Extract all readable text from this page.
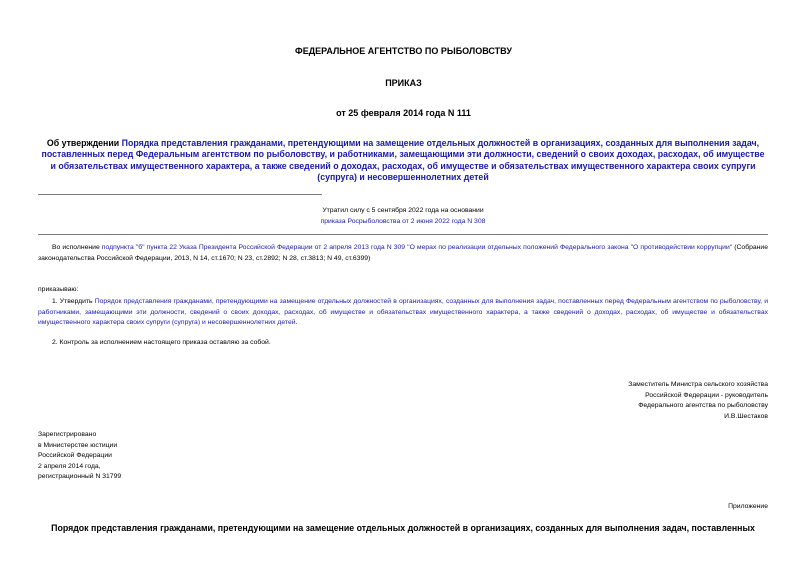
ФЕДЕРАЛЬНОЕ АГЕНТСТВО ПО РЫБОЛОВСТВУ
ПРИКАЗ
от 25 февраля 2014 года N 111
Об утверждении Порядка представления гражданами, претендующими на замещение отдельных должностей в организациях, созданных для выполнения задач, поставленных перед Федеральным агентством по рыболовству, и работниками, замещающими эти должности, сведений о своих доходах, расходах, об имуществе и обязательствах имущественного характера, а также сведений о доходах, расходах, об имуществе и обязательствах имущественного характера своих супруги (супруга) и несовершеннолетних детей
Утратил силу с 5 сентября 2022 года на основании
приказа Росрыболовства от 2 июня 2022 года N 308
Во исполнение подпункта "б" пункта 22 Указа Президента Российской Федерации от 2 апреля 2013 года N 309 "О мерах по реализации отдельных положений Федерального закона "О противодействии коррупции" (Собрание законодательства Российской Федерации, 2013, N 14, ст.1670; N 23, ст.2892; N 28, ст.3813; N 49, ст.6399)
приказываю:
1. Утвердить Порядок представления гражданами, претендующими на замещение отдельных должностей в организациях, созданных для выполнения задач, поставленных перед Федеральным агентством по рыболовству, и работниками, замещающими эти должности, сведений о своих доходах, расходах, об имуществе и обязательствах имущественного характера, а также сведений о доходах, расходах, об имуществе и обязательствах имущественного характера своих супруги (супруга) и несовершеннолетних детей.
2. Контроль за исполнением настоящего приказа оставляю за собой.
Заместитель Министра сельского хозяйства
Российской Федерации - руководитель
Федерального агентства по рыболовству
И.В.Шестаков
Зарегистрировано
в Министерстве юстиции
Российской Федерации
2 апреля 2014 года,
регистрационный N 31799
Приложение
Порядок представления гражданами, претендующими на замещение отдельных должностей в организациях, созданных для выполнения задач, поставленных
